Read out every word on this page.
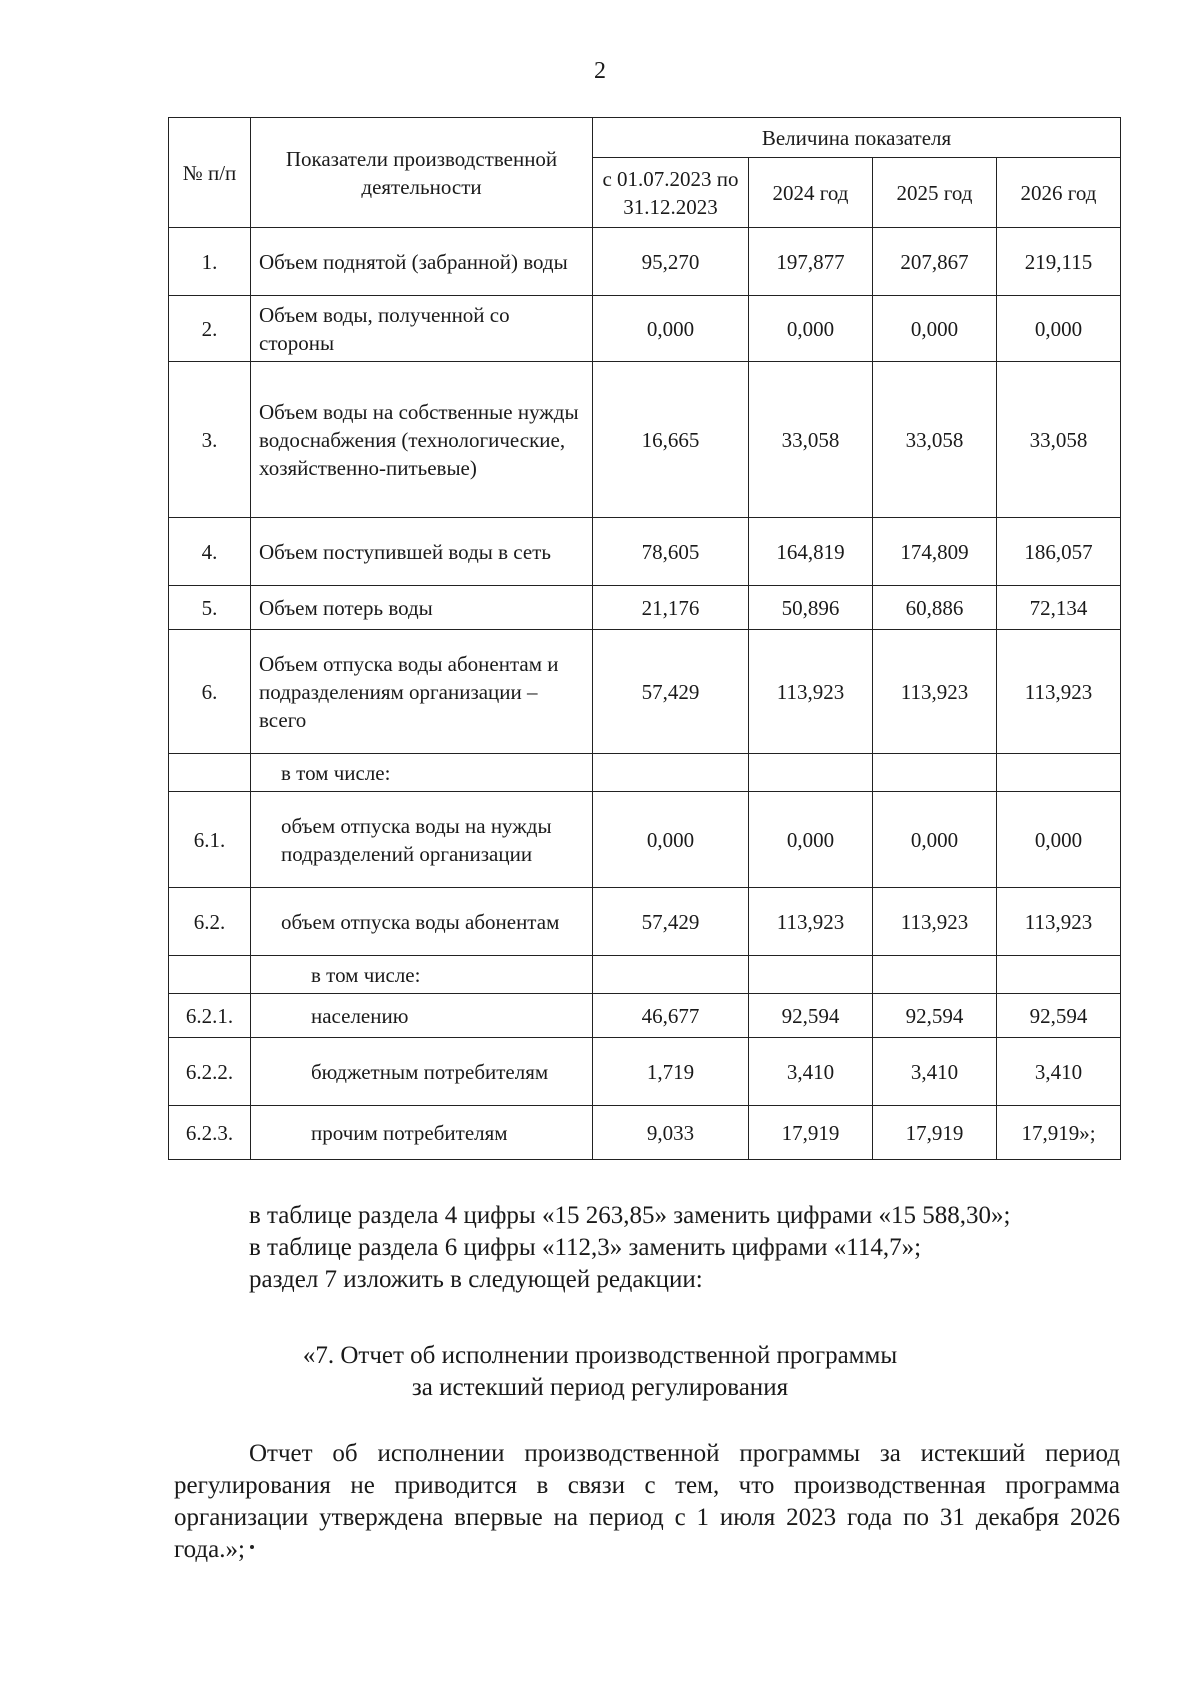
2
№ п/п	Показатели производственной деятельности	Величина показателя			
		с 01.07.2023 по 31.12.2023	2024 год	2025 год	2026 год
1.	Объем поднятой (забранной) воды	95,270	197,877	207,867	219,115
2.	Объем воды, полученной со стороны	0,000	0,000	0,000	0,000
3.	Объем воды на собственные нужды водоснабжения (технологические, хозяйственно-питьевые)	16,665	33,058	33,058	33,058
4.	Объем поступившей воды в сеть	78,605	164,819	174,809	186,057
5.	Объем потерь воды	21,176	50,896	60,886	72,134
6.	Объем отпуска воды абонентам и подразделениям организации – всего	57,429	113,923	113,923	113,923
	в том числе:				
6.1.	объем отпуска воды на нужды подразделений организации	0,000	0,000	0,000	0,000
6.2.	объем отпуска воды абонентам	57,429	113,923	113,923	113,923
	в том числе:				
6.2.1.	населению	46,677	92,594	92,594	92,594
6.2.2.	бюджетным потребителям	1,719	3,410	3,410	3,410
6.2.3.	прочим потребителям	9,033	17,919	17,919	17,919»;

в таблице раздела 4 цифры «15 263,85» заменить цифрами «15 588,30»;

в таблице раздела 6 цифры «112,3» заменить цифрами «114,7»;

раздел 7 изложить в следующей редакции:

«7. Отчет об исполнении производственной программы

за истекший период регулирования

Отчет об исполнении производственной программы за истекший период регулирования не приводится в связи с тем, что производственная программа организации утверждена впервые на период с 1 июля 2023 года по 31 декабря 2026 года.»;
